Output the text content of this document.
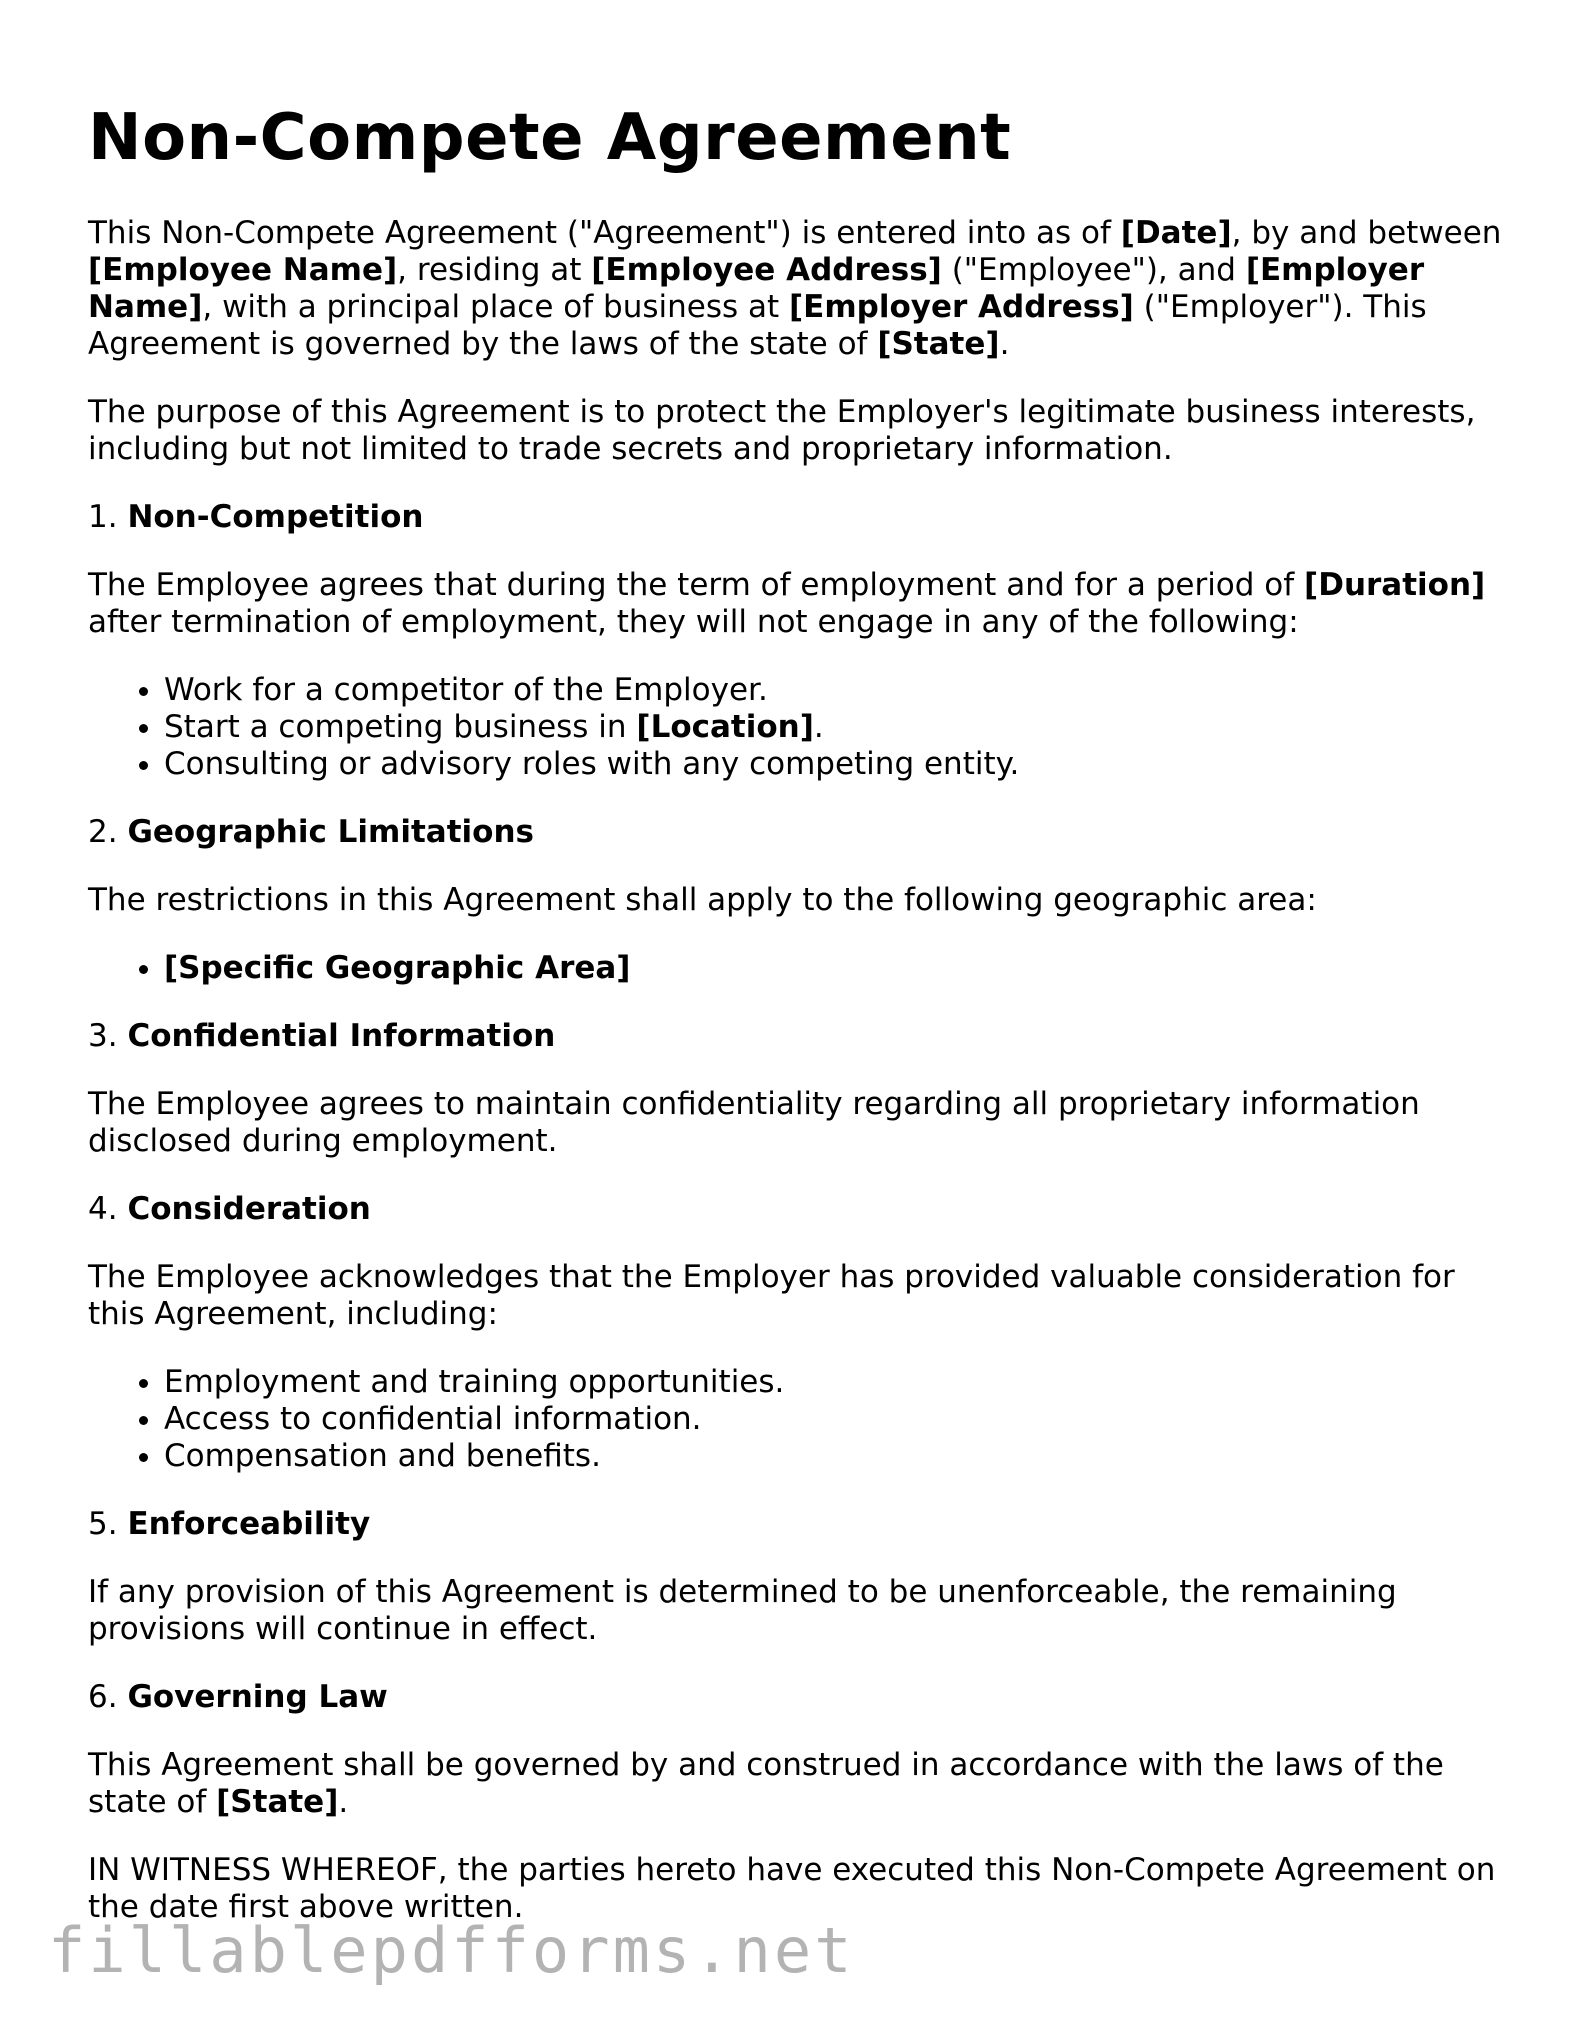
Non-Compete Agreement

This Non-Compete Agreement ("Agreement") is entered into as of [Date], by and between [Employee Name], residing at [Employee Address] ("Employee"), and [Employer Name], with a principal place of business at [Employer Address] ("Employer"). This Agreement is governed by the laws of the state of [State].

The purpose of this Agreement is to protect the Employer's legitimate business interests, including but not limited to trade secrets and proprietary information.

1. Non-Competition

The Employee agrees that during the term of employment and for a period of [Duration] after termination of employment, they will not engage in any of the following:

• Work for a competitor of the Employer.
• Start a competing business in [Location].
• Consulting or advisory roles with any competing entity.

2. Geographic Limitations

The restrictions in this Agreement shall apply to the following geographic area:

• [Specific Geographic Area]

3. Confidential Information

The Employee agrees to maintain confidentiality regarding all proprietary information disclosed during employment.

4. Consideration

The Employee acknowledges that the Employer has provided valuable consideration for this Agreement, including:

• Employment and training opportunities.
• Access to confidential information.
• Compensation and benefits.

5. Enforceability

If any provision of this Agreement is determined to be unenforceable, the remaining provisions will continue in effect.

6. Governing Law

This Agreement shall be governed by and construed in accordance with the laws of the state of [State].

IN WITNESS WHEREOF, the parties hereto have executed this Non-Compete Agreement on the date first above written.

fillablepdfforms.net
